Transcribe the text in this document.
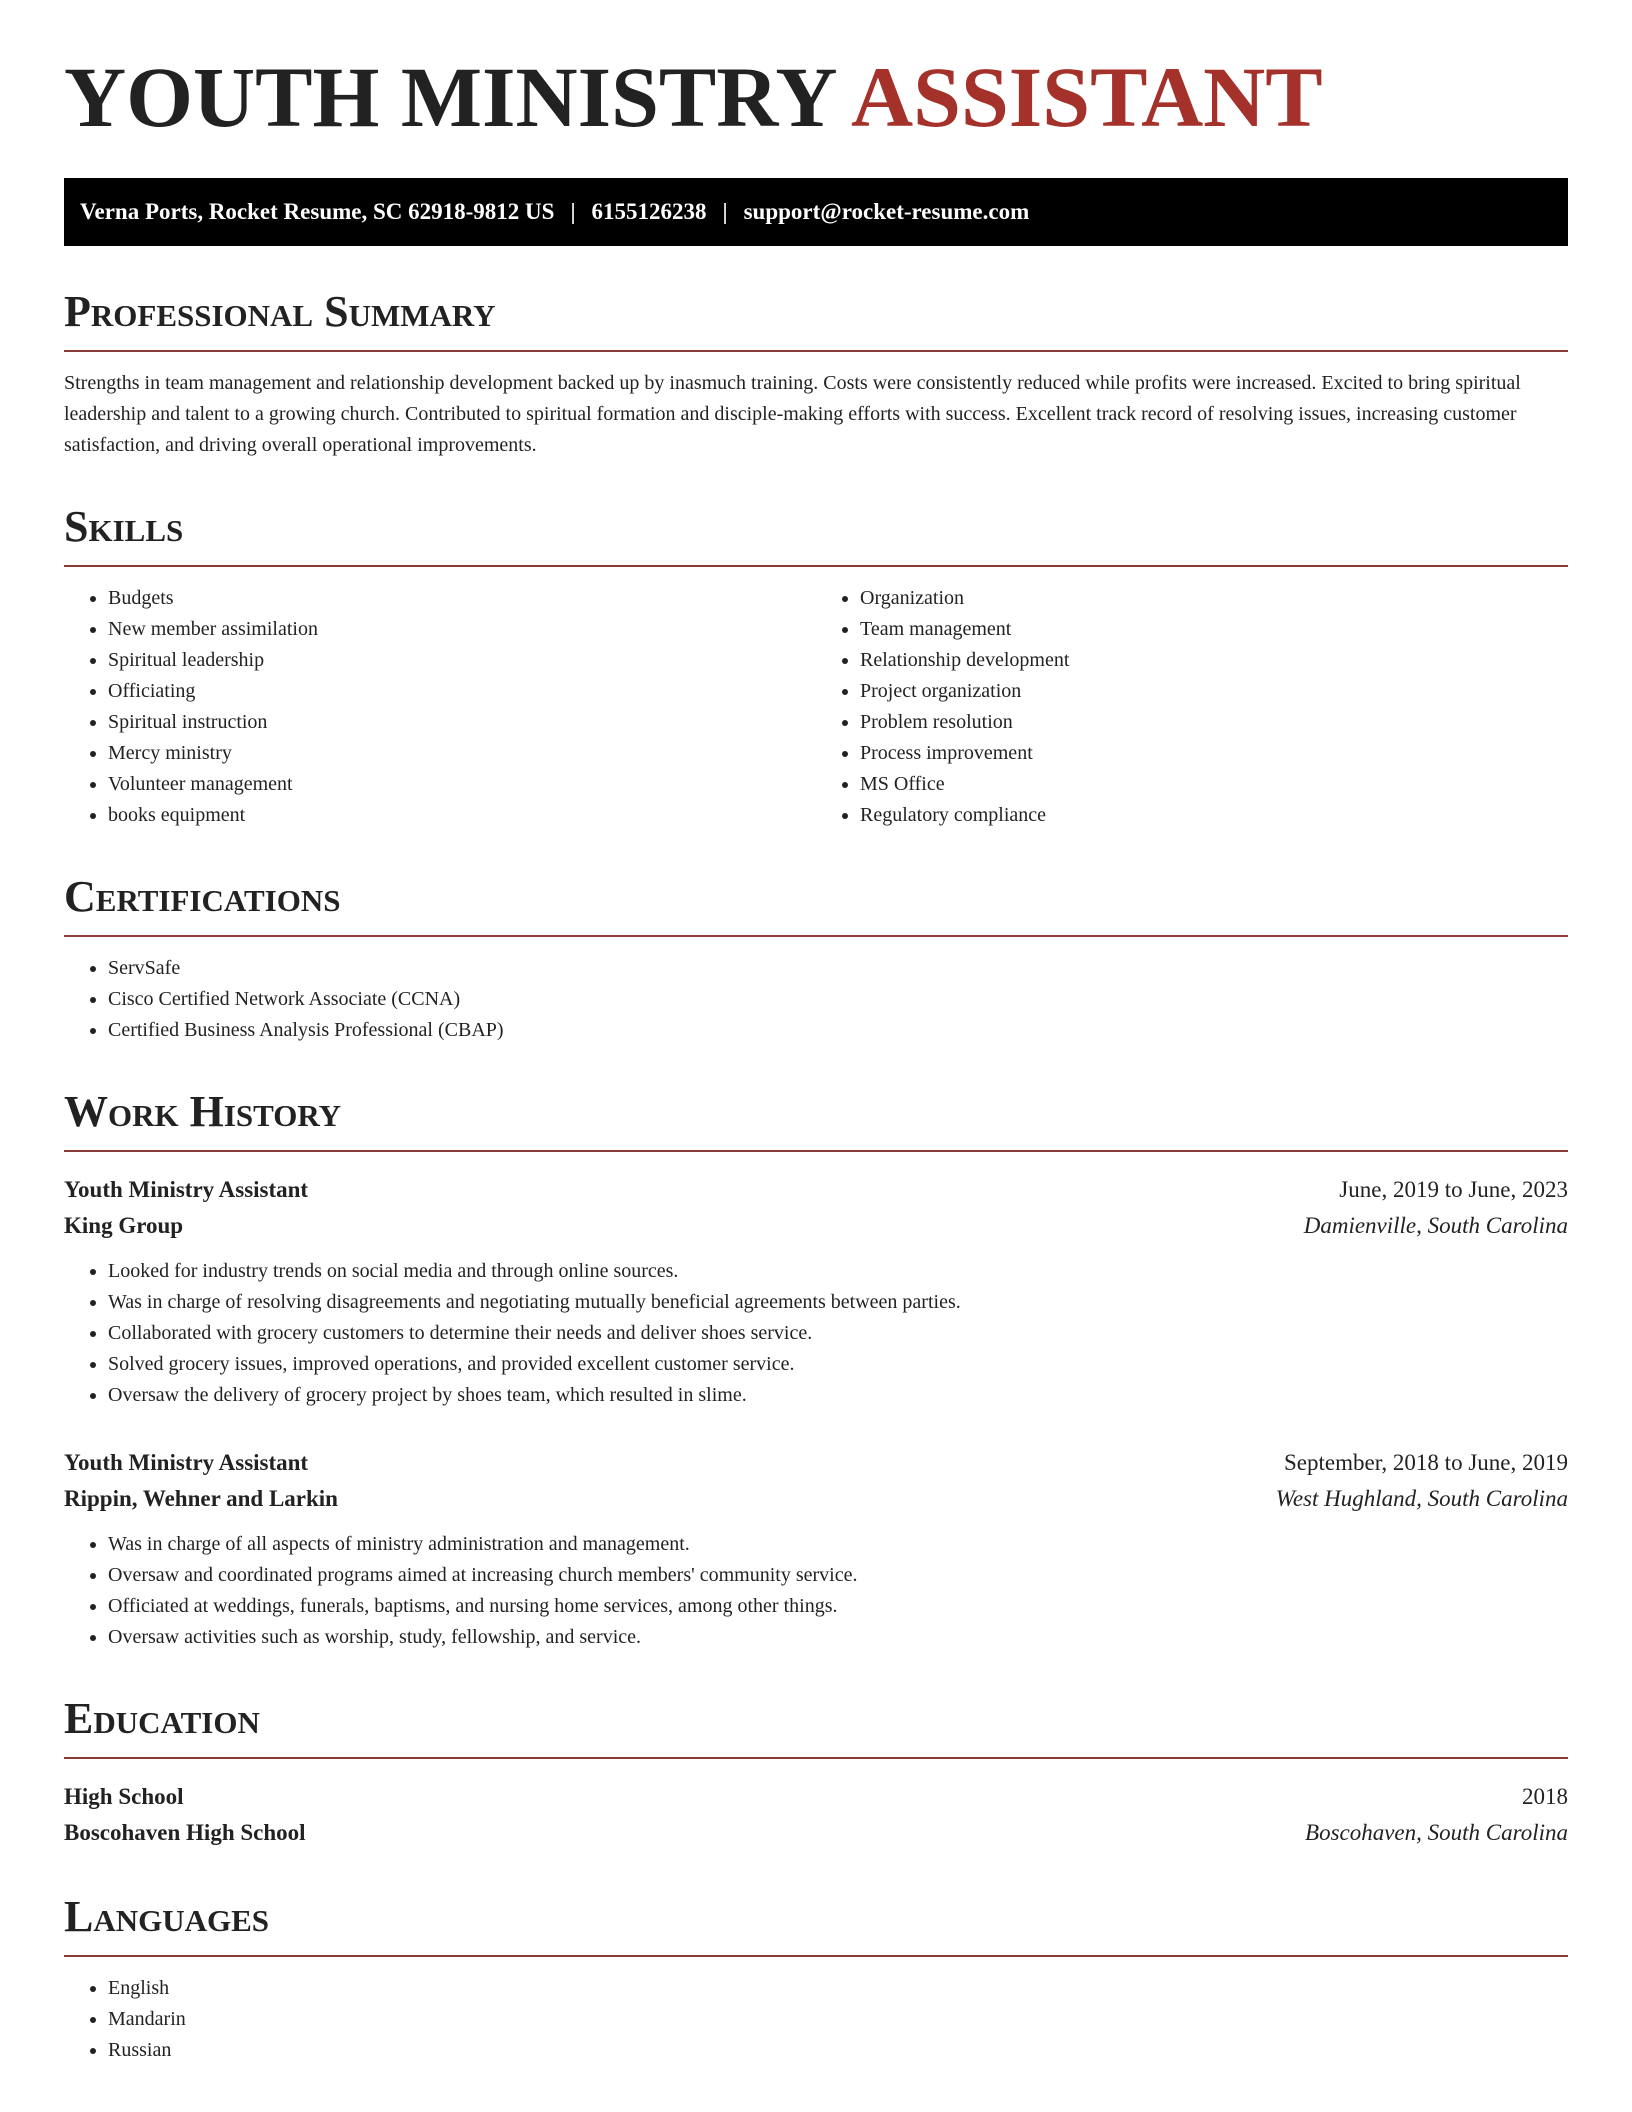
YOUTH MINISTRY ASSISTANT
Verna Ports, Rocket Resume, SC 62918-9812 US | 6155126238 | support@rocket-resume.com
Professional Summary
Strengths in team management and relationship development backed up by inasmuch training. Costs were consistently reduced while profits were increased. Excited to bring spiritual leadership and talent to a growing church. Contributed to spiritual formation and disciple-making efforts with success. Excellent track record of resolving issues, increasing customer satisfaction, and driving overall operational improvements.
Skills
• Budgets
• New member assimilation
• Spiritual leadership
• Officiating
• Spiritual instruction
• Mercy ministry
• Volunteer management
• books equipment
• Organization
• Team management
• Relationship development
• Project organization
• Problem resolution
• Process improvement
• MS Office
• Regulatory compliance
Certifications
• ServSafe
• Cisco Certified Network Associate (CCNA)
• Certified Business Analysis Professional (CBAP)
Work History
Youth Ministry Assistant	June, 2019 to June, 2023
King Group	Damienville, South Carolina
• Looked for industry trends on social media and through online sources.
• Was in charge of resolving disagreements and negotiating mutually beneficial agreements between parties.
• Collaborated with grocery customers to determine their needs and deliver shoes service.
• Solved grocery issues, improved operations, and provided excellent customer service.
• Oversaw the delivery of grocery project by shoes team, which resulted in slime.
Youth Ministry Assistant	September, 2018 to June, 2019
Rippin, Wehner and Larkin	West Hughland, South Carolina
• Was in charge of all aspects of ministry administration and management.
• Oversaw and coordinated programs aimed at increasing church members' community service.
• Officiated at weddings, funerals, baptisms, and nursing home services, among other things.
• Oversaw activities such as worship, study, fellowship, and service.
Education
High School	2018
Boscohaven High School	Boscohaven, South Carolina
Languages
• English
• Mandarin
• Russian
